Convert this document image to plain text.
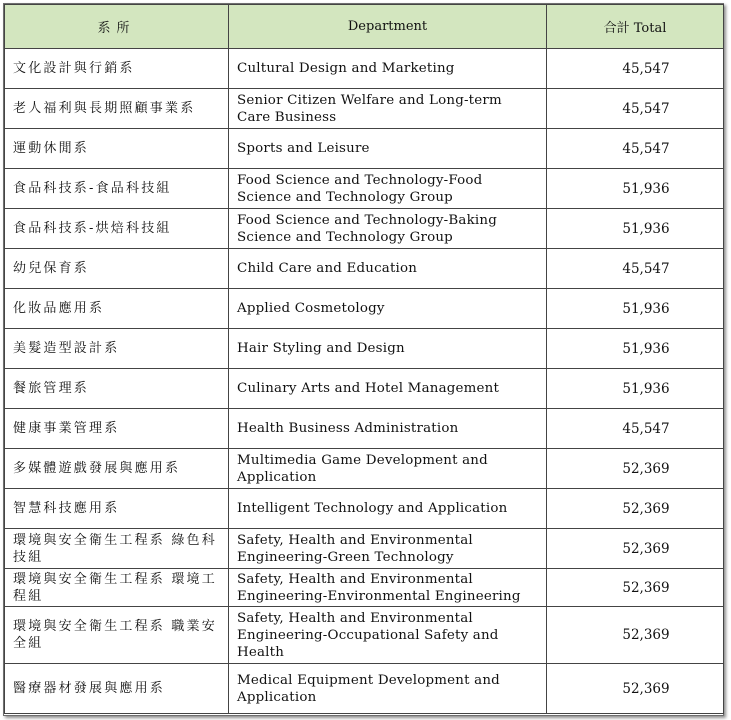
系所	Department	合計 Total
文化設計與行銷系	Cultural Design and Marketing	45,547
老人福利與長期照顧事業系	Senior Citizen Welfare and Long-term Care Business	45,547
運動休閒系	Sports and Leisure	45,547
食品科技系-食品科技組	Food Science and Technology-Food Science and Technology Group	51,936
食品科技系-烘焙科技組	Food Science and Technology-Baking Science and Technology Group	51,936
幼兒保育系	Child Care and Education	45,547
化妝品應用系	Applied Cosmetology	51,936
美髮造型設計系	Hair Styling and Design	51,936
餐旅管理系	Culinary Arts and Hotel Management	51,936
健康事業管理系	Health Business Administration	45,547
多媒體遊戲發展與應用系	Multimedia Game Development and Application	52,369
智慧科技應用系	Intelligent Technology and Application	52,369
環境與安全衛生工程系 綠色科技組	Safety, Health and Environmental Engineering-Green Technology	52,369
環境與安全衛生工程系 環境工程組	Safety, Health and Environmental Engineering-Environmental Engineering	52,369
環境與安全衛生工程系 職業安全組	Safety, Health and Environmental Engineering-Occupational Safety and Health	52,369
醫療器材發展與應用系	Medical Equipment Development and Application	52,369
